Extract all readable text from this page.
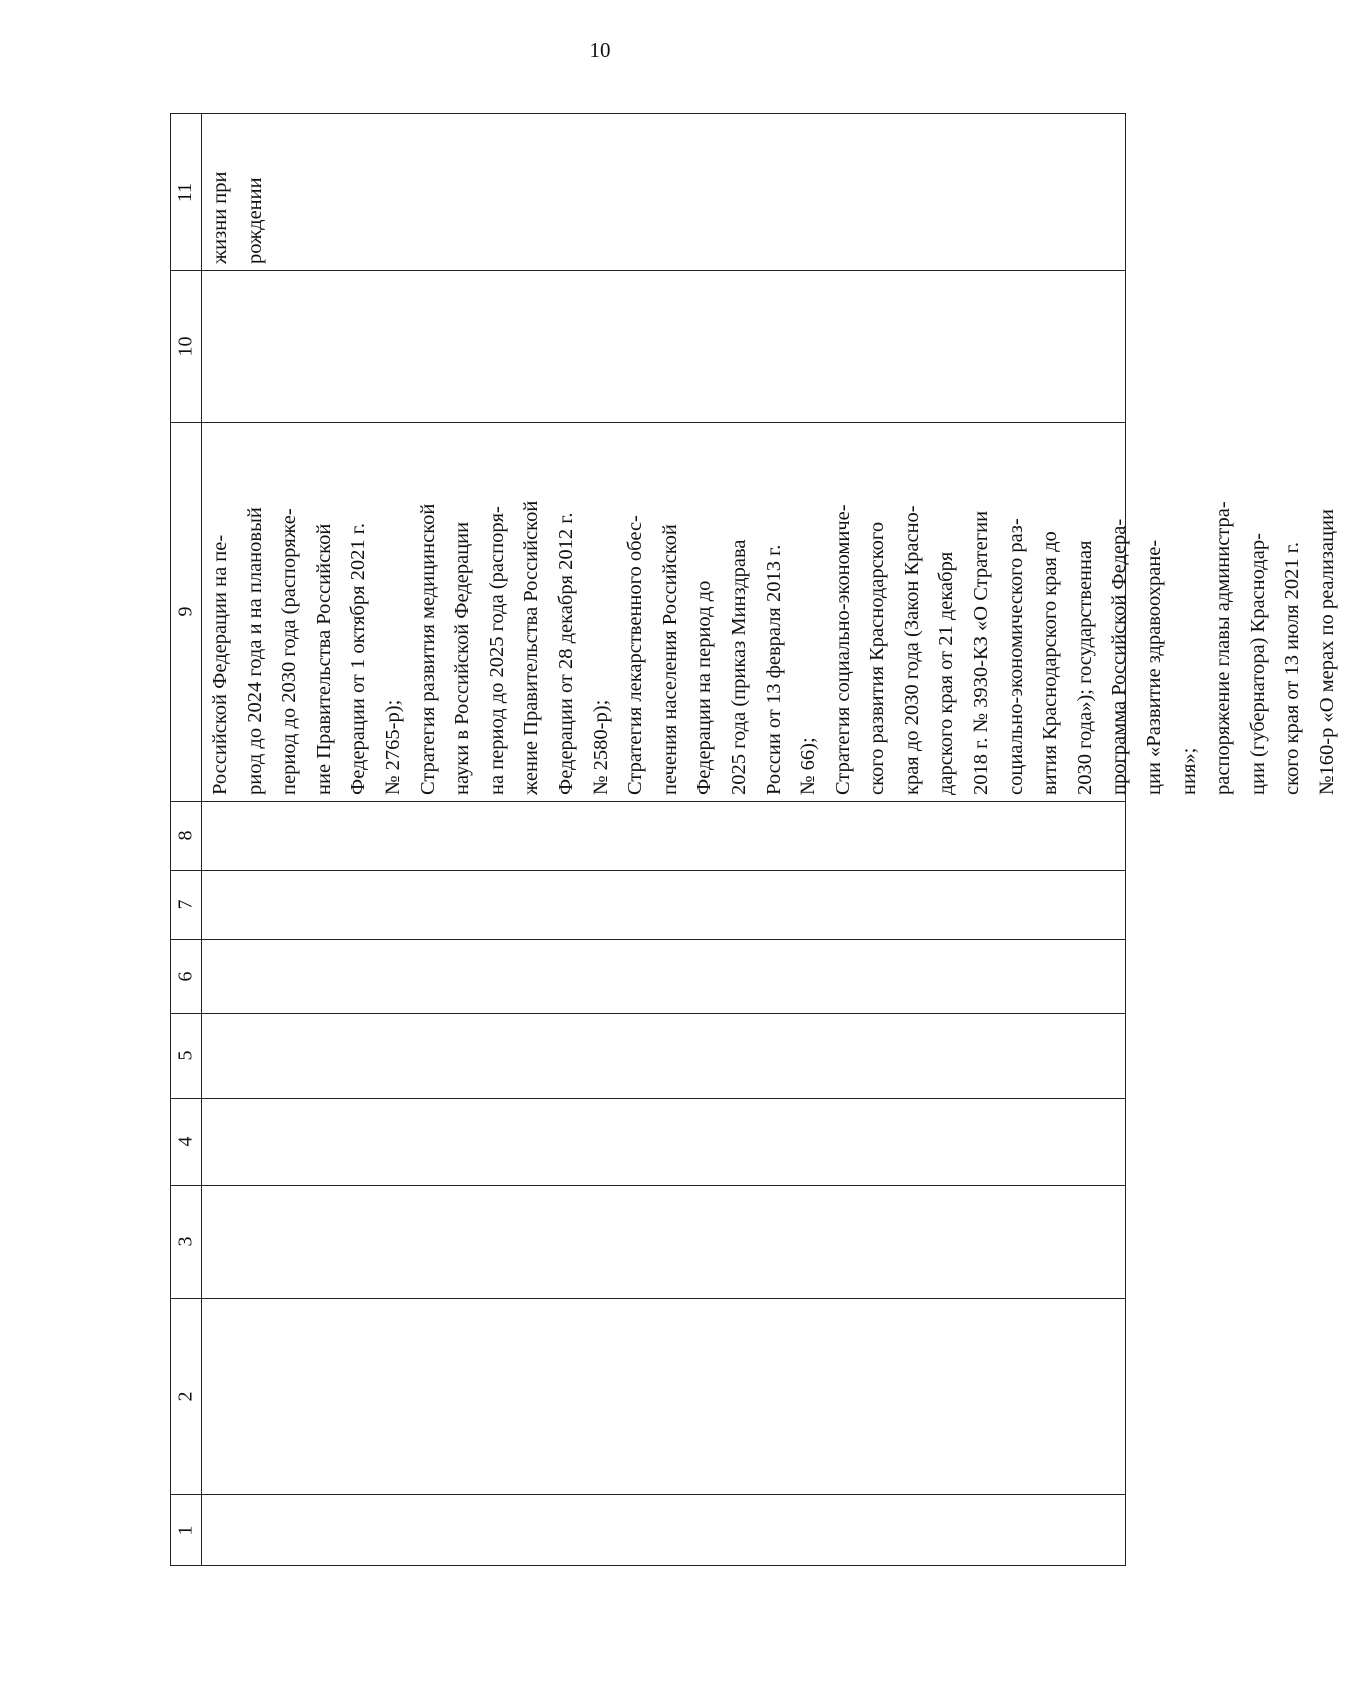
10
11
10
9
8
7
6
5
4
3
2
1
Российской Федерации на пе- риод до 2024 года и на плановый период до 2030 года (распоряже- ние Правительства Российской Федерации от 1 октября 2021 г. № 2765-р); Стратегия развития медицинской науки в Российской Федерации на период до 2025 года (распоря- жение Правительства Российской Федерации от 28 декабря 2012 г. № 2580-р); Стратегия лекарственного обес- печения населения Российской Федерации на период до 2025 года (приказ Минздрава России от 13 февраля 2013 г. № 66); Стратегия социально-экономиче- ского развития Краснодарского края до 2030 года (Закон Красно- дарского края от 21 декабря 2018 г. № 3930-КЗ «О Стратегии социально-экономического раз- вития Краснодарского края до 2030 года»); государственная программа Российской Федера- ции «Развитие здравоохране- ния»; распоряжение главы администра- ции (губернатора) Краснодар- ского края от 13 июля 2021 г. №160-р «О мерах по реализации
жизни при рождении
